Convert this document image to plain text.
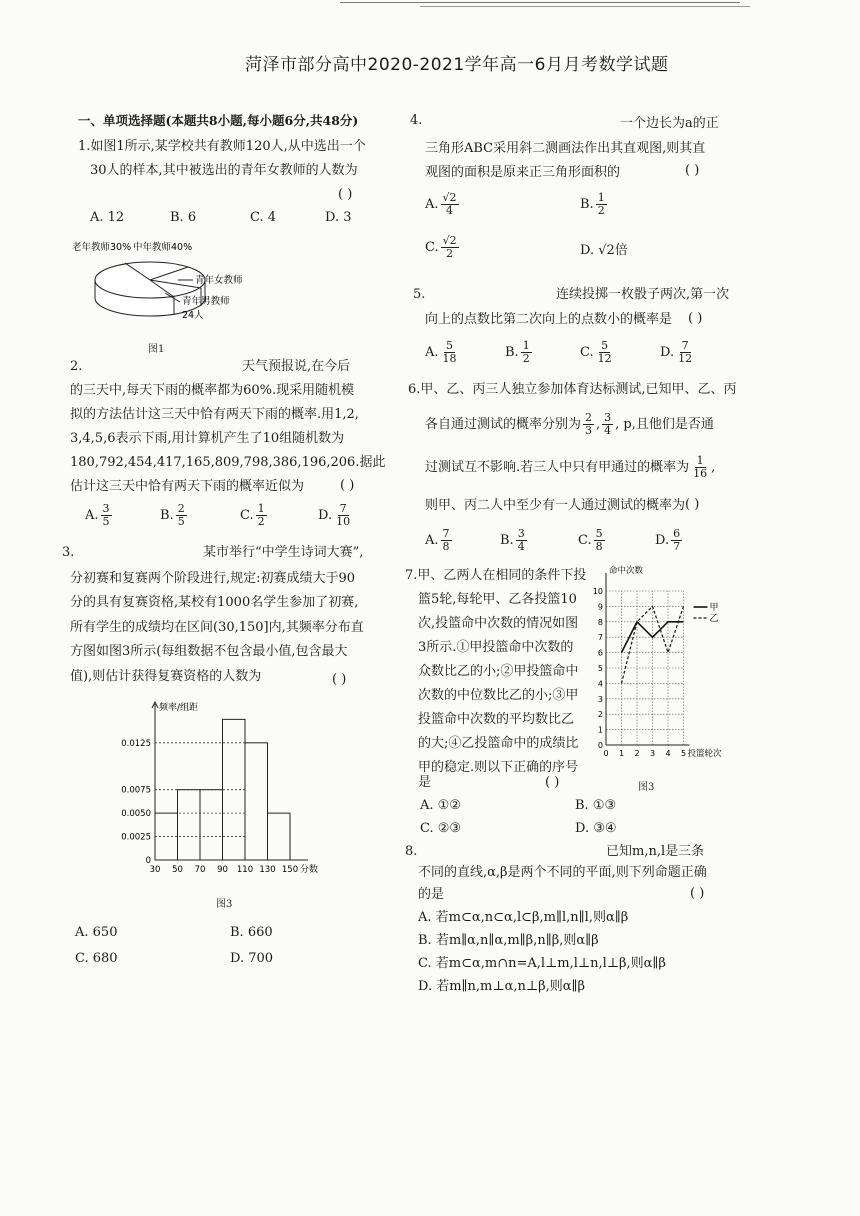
菏泽市部分高中2020-2021学年高一6月月考数学试题
一、单项选择题(本题共8小题,每小题6分,共48分)
1.如图1所示,某学校共有教师120人,从中选出一个
30人的样本,其中被选出的青年女教师的人数为
( )
A. 12	B. 6	C. 4	D. 3
老年教师30% 中年教师40%
青年女教师
青年男教师
24人
图1
2.	天气预报说,在今后
的三天中,每天下雨的概率都为60%.现采用随机模
拟的方法估计这三天中恰有两天下雨的概率.用1,2,
3,4,5,6表示下雨,用计算机产生了10组随机数为
180,792,454,417,165,809,798,386,196,206.据此
估计这三天中恰有两天下雨的概率近似为	( )
A. $\frac{3}{5}$	B. $\frac{2}{5}$	C. $\frac{1}{2}$	D. $\frac{7}{10}$
3.	某市举行“中学生诗词大赛”,
分初赛和复赛两个阶段进行,规定:初赛成绩大于90
分的具有复赛资格,某校有1000名学生参加了初赛,
所有学生的成绩均在区间(30,150]内,其频率分布直
方图如图3所示(每组数据不包含最小值,包含最大
值),则估计获得复赛资格的人数为	( )
0.0025
0.0050
0.0075
0.0125
0
30 50 70 90 110 130 150 分数
频率/组距
图3
A. 650	B. 660
C. 680	D. 700
4.	一个边长为a的正
三角形ABC采用斜二测画法作出其直观图,则其直
观图的面积是原来正三角形面积的	( )
A. $\frac{√2}{4}$	B. $\frac{1}{2}$
C. $\frac{√2}{2}$	D. √2倍
5.	连续投掷一枚骰子两次,第一次
向上的点数比第二次向上的点数小的概率是 ( )
A. $\frac{5}{18}$	B. $\frac{1}{2}$	C. $\frac{5}{12}$	D. $\frac{7}{12}$
6.甲、乙、丙三人独立参加体育达标测试,已知甲、乙、丙
各自通过测试的概率分别为 $\frac{2}{3}$ , $\frac{3}{4}$ , p,且他们是否通
过测试互不影响.若三人中只有甲通过的概率为 $\frac{1}{16}$ ,
则甲、丙二人中至少有一人通过测试的概率为 ( )
A. $\frac{7}{8}$	B. $\frac{3}{4}$	C. $\frac{5}{8}$	D. $\frac{6}{7}$
7.甲、乙两人在相同的条件下投
篮5轮,每轮甲、乙各投篮10
次,投篮命中次数的情况如图
3所示.①甲投篮命中次数的
众数比乙的小;②甲投篮命中
次数的中位数比乙的小;③甲
投篮命中次数的平均数比乙
的大;④乙投篮命中的成绩比
甲的稳定.则以下正确的序号
是	( )
A. ①②	B. ①③
C. ②③	D. ③④
0
1
2
3
4
5
6
7
8
9
10
0 1 2 3 4 5
命中次数
投篮轮次
甲
乙
图3
8.	已知m,n,l是三条
不同的直线,α,β是两个不同的平面,则下列命题正确
的是	( )
A. 若m⊂α,n⊂α,l⊂β,m∥l,n∥l,则α∥β
B. 若m∥α,n∥α,m∥β,n∥β,则α∥β
C. 若m⊂α,m∩n=A,l⊥m,l⊥n,l⊥β,则α∥β
D. 若m∥n,m⊥α,n⊥β,则α∥β
